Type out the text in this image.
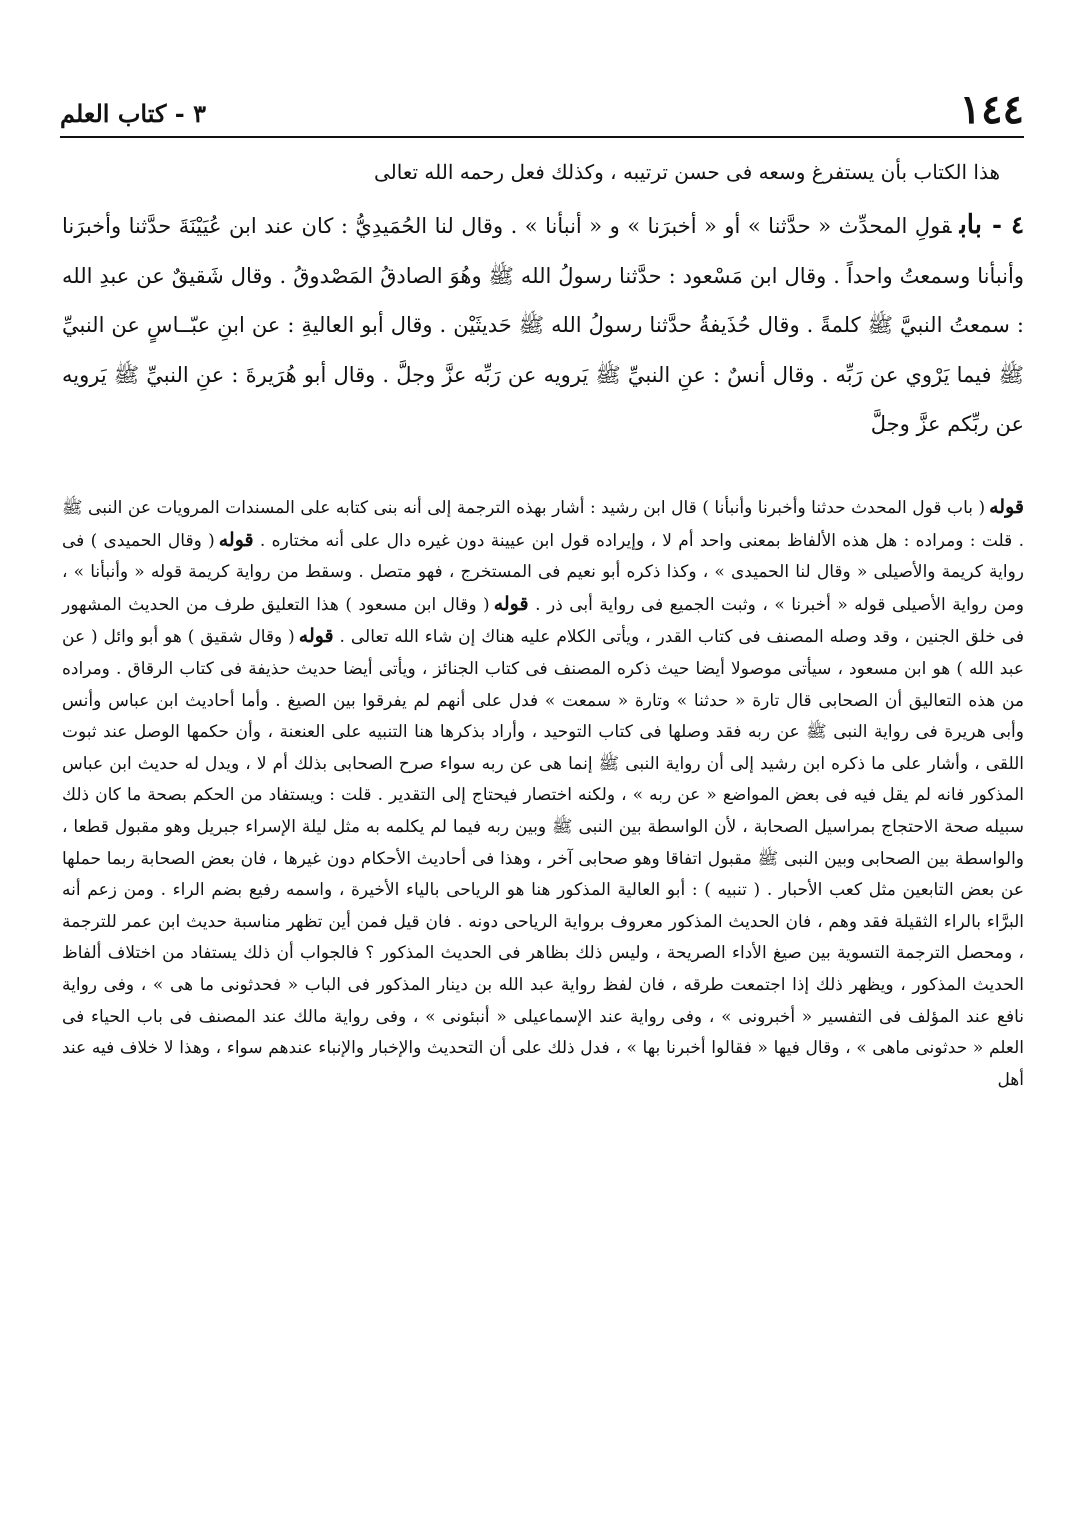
١٤٤
٣ - كتاب العلم

هذا الكتاب بأن يستفرغ وسعه فى حسن ترتيبه ، وكذلك فعل رحمه الله تعالى

٤ -بابقولِ المحدِّث « حدَّثنا » أو « أخبرَنا » و « أنبأنا » . وقال لنا الحُمَيدِيُّ : كان عند ابن عُيَيْنَةَ حدَّثنا وأخبرَنا وأنبأنا وسمعتُ واحداً . وقال ابن مَسْعود : حدَّثنا رسولُ الله ﷺ وهُوَ الصادقُ المَصْدوقُ . وقال شَقيقٌ عن عبدِ الله : سمعتُ النبيَّ ﷺ كلمةً . وقال حُذَيفةُ حدَّثنا رسولُ الله ﷺ حَديثَيْن . وقال أبو العاليةِ : عن ابنِ عبّــاسٍ عن النبيِّ ﷺ فيما يَرْوي عن رَبِّه . وقال أنسٌ : عنِ النبيِّ ﷺ يَرويه عن رَبِّه عزَّ وجلَّ . وقال أبو هُرَيرةَ : عنِ النبيِّ ﷺ يَرويه عن ربِّكم عزَّ وجلَّ

قوله( باب قول المحدث حدثنا وأخبرنا وأنبأنا ) قال ابن رشيد : أشار بهذه الترجمة إلى أنه بنى كتابه على المسندات المرويات عن النبى ﷺ . قلت : ومراده : هل هذه الألفاظ بمعنى واحد أم لا ، وإيراده قول ابن عيينة دون غيره دال على أنه مختاره . قوله( وقال الحميدى ) فى رواية كريمة والأصيلى « وقال لنا الحميدى » ، وكذا ذكره أبو نعيم فى المستخرج ، فهو متصل . وسقط من رواية كريمة قوله « وأنبأنا » ، ومن رواية الأصيلى قوله « أخبرنا » ، وثبت الجميع فى رواية أبى ذر . قوله( وقال ابن مسعود ) هذا التعليق طرف من الحديث المشهور فى خلق الجنين ، وقد وصله المصنف فى كتاب القدر ، ويأتى الكلام عليه هناك إن شاء الله تعالى . قوله( وقال شقيق ) هو أبو وائل ( عن عبد الله ) هو ابن مسعود ، سيأتى موصولا أيضا حيث ذكره المصنف فى كتاب الجنائز ، ويأتى أيضا حديث حذيفة فى كتاب الرقاق . ومراده من هذه التعاليق أن الصحابى قال تارة « حدثنا » وتارة « سمعت » فدل على أنهم لم يفرقوا بين الصيغ . وأما أحاديث ابن عباس وأنس وأبى هريرة فى رواية النبى ﷺ عن ربه فقد وصلها فى كتاب التوحيد ، وأراد بذكرها هنا التنبيه على العنعنة ، وأن حكمها الوصل عند ثبوت اللقى ، وأشار على ما ذكره ابن رشيد إلى أن رواية النبى ﷺ إنما هى عن ربه سواء صرح الصحابى بذلك أم لا ، ويدل له حديث ابن عباس المذكور فانه لم يقل فيه فى بعض المواضع « عن ربه » ، ولكنه اختصار فيحتاج إلى التقدير . قلت : ويستفاد من الحكم بصحة ما كان ذلك سبيله صحة الاحتجاج بمراسيل الصحابة ، لأن الواسطة بين النبى ﷺ وبين ربه فيما لم يكلمه به مثل ليلة الإسراء جبريل وهو مقبول قطعا ، والواسطة بين الصحابى وبين النبى ﷺ مقبول اتفاقا وهو صحابى آخر ، وهذا فى أحاديث الأحكام دون غيرها ، فان بعض الصحابة ربما حملها عن بعض التابعين مثل كعب الأحبار . ( تنبيه ) : أبو العالية المذكور هنا هو الرياحى بالياء الأخيرة ، واسمه رفيع بضم الراء . ومن زعم أنه البرَّاء بالراء الثقيلة فقد وهم ، فان الحديث المذكور معروف برواية الرياحى دونه . فان قيل فمن أين تظهر مناسبة حديث ابن عمر للترجمة ، ومحصل الترجمة التسوية بين صيغ الأداء الصريحة ، وليس ذلك بظاهر فى الحديث المذكور ؟ فالجواب أن ذلك يستفاد من اختلاف ألفاظ الحديث المذكور ، ويظهر ذلك إذا اجتمعت طرقه ، فان لفظ رواية عبد الله بن دينار المذكور فى الباب « فحدثونى ما هى » ، وفى رواية نافع عند المؤلف فى التفسير « أخبرونى » ، وفى رواية عند الإسماعيلى « أنبئونى » ، وفى رواية مالك عند المصنف فى باب الحياء فى العلم « حدثونى ماهى » ، وقال فيها « فقالوا أخبرنا بها » ، فدل ذلك على أن التحديث والإخبار والإنباء عندهم سواء ، وهذا لا خلاف فيه عند أهل
